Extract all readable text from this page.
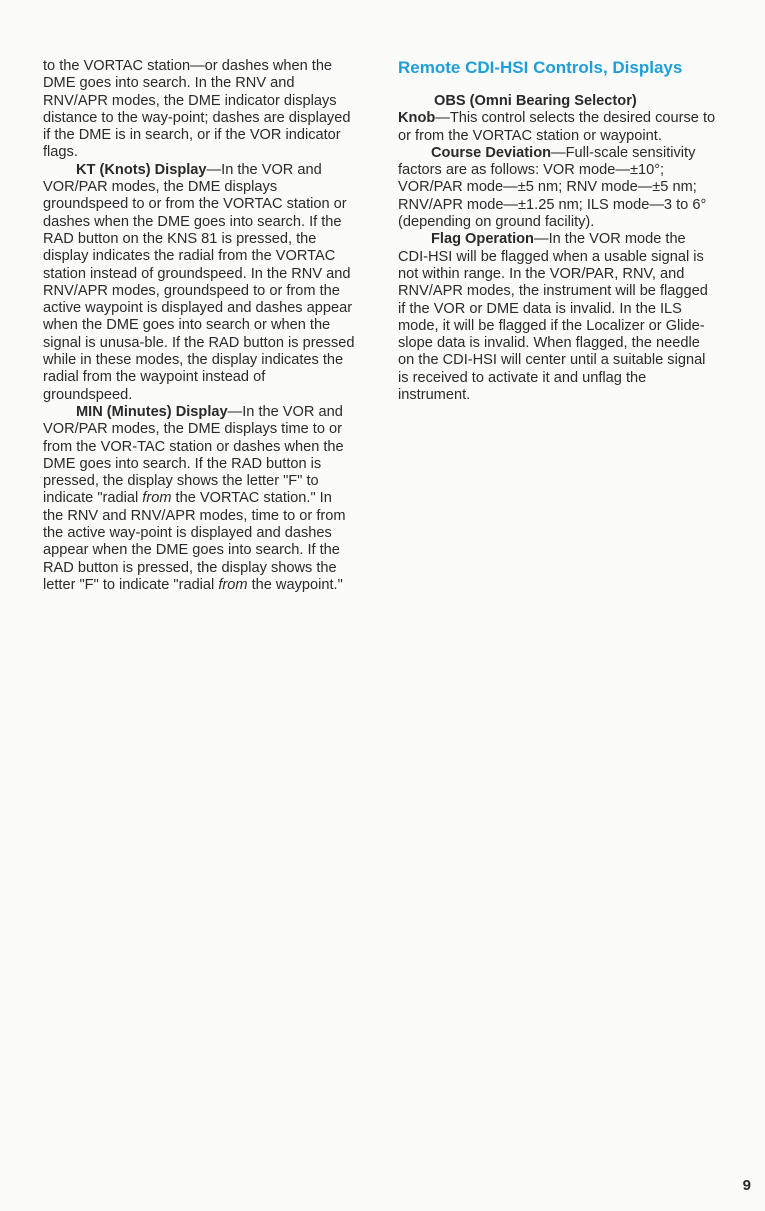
to the VORTAC station—or dashes when the DME goes into search. In the RNV and RNV/APR modes, the DME indicator displays distance to the way-point; dashes are displayed if the DME is in search, or if the VOR indicator flags.

KT (Knots) Display—In the VOR and VOR/PAR modes, the DME displays groundspeed to or from the VORTAC station or dashes when the DME goes into search. If the RAD button on the KNS 81 is pressed, the display indicates the radial from the VORTAC station instead of groundspeed. In the RNV and RNV/APR modes, groundspeed to or from the active waypoint is displayed and dashes appear when the DME goes into search or when the signal is unusa-ble. If the RAD button is pressed while in these modes, the display indicates the radial from the waypoint instead of groundspeed.

MIN (Minutes) Display—In the VOR and VOR/PAR modes, the DME displays time to or from the VOR-TAC station or dashes when the DME goes into search. If the RAD button is pressed, the display shows the letter "F" to indicate "radial from the VORTAC station." In the RNV and RNV/APR modes, time to or from the active way-point is displayed and dashes appear when the DME goes into search. If the RAD button is pressed, the display shows the letter "F" to indicate "radial from the waypoint."

Remote CDI-HSI Controls, Displays

OBS (Omni Bearing Selector)

Knob—This control selects the desired course to or from the VORTAC station or waypoint.

Course Deviation—Full-scale sensitivity factors are as follows: VOR mode—±10°; VOR/PAR mode—±5 nm; RNV mode—±5 nm; RNV/APR mode—±1.25 nm; ILS mode—3 to 6° (depending on ground facility).

Flag Operation—In the VOR mode the CDI-HSI will be flagged when a usable signal is not within range. In the VOR/PAR, RNV, and RNV/APR modes, the instrument will be flagged if the VOR or DME data is invalid. In the ILS mode, it will be flagged if the Localizer or Glide-slope data is invalid. When flagged, the needle on the CDI-HSI will center until a suitable signal is received to activate it and unflag the instrument.

9
